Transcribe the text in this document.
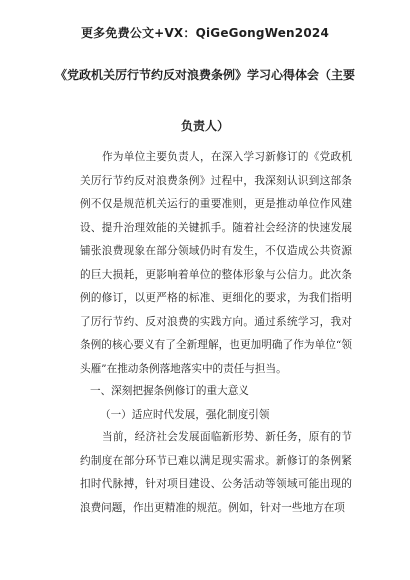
更多免费公文+VX：QiGeGongWen2024
《党政机关厉行节约反对浪费条例》学习心得体会（主要
负责人）
作为单位主要负责人，在深入学习新修订的《党政机关厉行节约反对浪费条例》过程中，我深刻认识到这部条例不仅是规范机关运行的重要准则，更是推动单位作风建设、提升治理效能的关键抓手。随着社会经济的快速发展铺张浪费现象在部分领域仍时有发生，不仅造成公共资源的巨大损耗，更影响着单位的整体形象与公信力。此次条例的修订，以更严格的标准、更细化的要求，为我们指明了厉行节约、反对浪费的实践方向。通过系统学习，我对条例的核心要义有了全新理解，也更加明确了作为单位“领头雁”在推动条例落地落实中的责任与担当。
一、深刻把握条例修订的重大意义
（一）适应时代发展，强化制度引领
当前，经济社会发展面临新形势、新任务，原有的节约制度在部分环节已难以满足现实需求。新修订的条例紧扣时代脉搏，针对项目建设、公务活动等领域可能出现的浪费问题，作出更精准的规范。例如，针对一些地方在项
